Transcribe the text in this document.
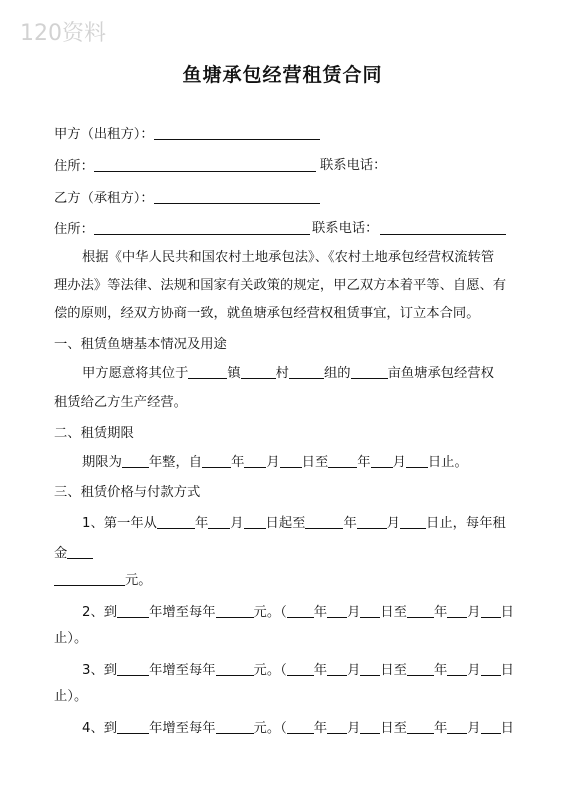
120资料
鱼塘承包经营租赁合同
甲方（出租方）：
住所：	联系电话：
乙方（承租方）：
住所：	联系电话：
根据《中华人民共和国农村土地承包法》、《农村土地承包经营权流转管
理办法》等法律、法规和国家有关政策的规定，甲乙双方本着平等、自愿、有
偿的原则，经双方协商一致，就鱼塘承包经营权租赁事宜，订立本合同。
一、租赁鱼塘基本情况及用途
甲方愿意将其位于	镇	村	组的	亩鱼塘承包经营权
租赁给乙方生产经营。
二、租赁期限
期限为 年整，自 年 月 日至 年 月 日止。
三、租赁价格与付款方式
1、第一年从	年 月 日起至	年 月 日止，每年租
金
元。
2、到 年增至每年	元。（ 年 月 日至 年 月 日
止）。
3、到 年增至每年	元。（ 年 月 日至 年 月 日
止）。
4、到 年增至每年	元。（ 年 月 日至 年 月 日
